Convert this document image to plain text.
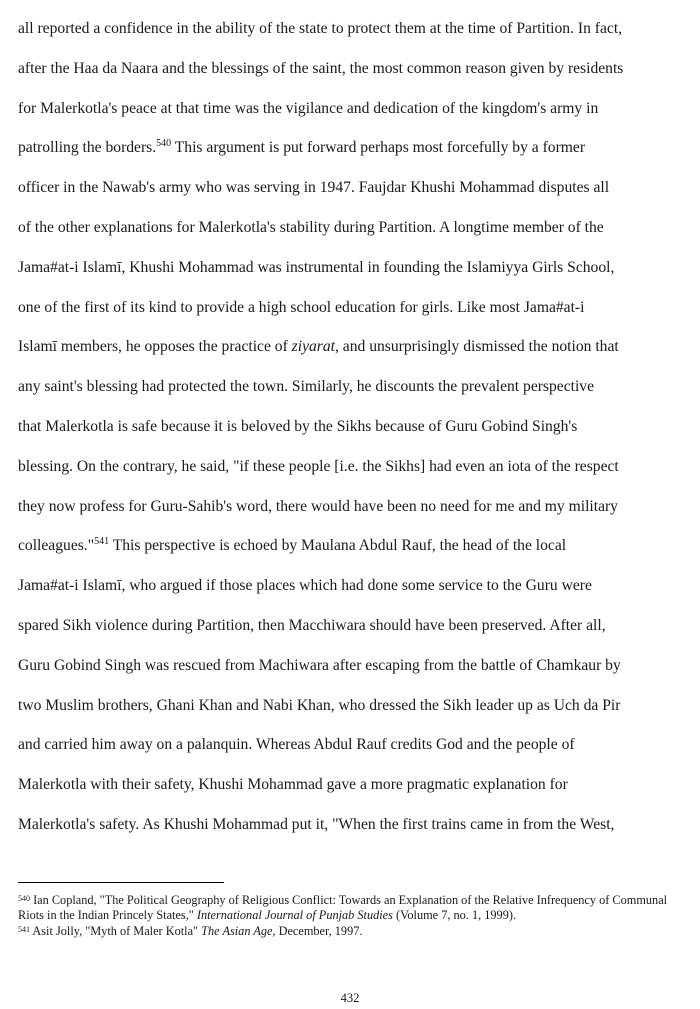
all reported a confidence in the ability of the state to protect them at the time of Partition. In fact,
after the Haa da Naara and the blessings of the saint, the most common reason given by residents
for Malerkotla's peace at that time was the vigilance and dedication of the kingdom's army in
patrolling the borders.$^{540}$ This argument is put forward perhaps most forcefully by a former
officer in the Nawab's army who was serving in 1947. Faujdar Khushi Mohammad disputes all
of the other explanations for Malerkotla's stability during Partition. A longtime member of the
Jama#at-i Islamī, Khushi Mohammad was instrumental in founding the Islamiyya Girls School,
one of the first of its kind to provide a high school education for girls. Like most Jama#at-i
Islamī members, he opposes the practice of ziyarat, and unsurprisingly dismissed the notion that
any saint's blessing had protected the town. Similarly, he discounts the prevalent perspective
that Malerkotla is safe because it is beloved by the Sikhs because of Guru Gobind Singh's
blessing. On the contrary, he said, "if these people [i.e. the Sikhs] had even an iota of the respect
they now profess for Guru-Sahib's word, there would have been no need for me and my military
colleagues."$^{541}$ This perspective is echoed by Maulana Abdul Rauf, the head of the local
Jama#at-i Islamī, who argued if those places which had done some service to the Guru were
spared Sikh violence during Partition, then Macchiwara should have been preserved. After all,
Guru Gobind Singh was rescued from Machiwara after escaping from the battle of Chamkaur by
two Muslim brothers, Ghani Khan and Nabi Khan, who dressed the Sikh leader up as Uch da Pir
and carried him away on a palanquin. Whereas Abdul Rauf credits God and the people of
Malerkotla with their safety, Khushi Mohammad gave a more pragmatic explanation for
Malerkotla's safety. As Khushi Mohammad put it, "When the first trains came in from the West,
$^{540}$ Ian Copland, "The Political Geography of Religious Conflict: Towards an Explanation of the Relative Infrequency of Communal Riots in the Indian Princely States," International Journal of Punjab Studies (Volume 7, no. 1, 1999).
$^{541}$ Asit Jolly, "Myth of Maler Kotla" The Asian Age, December, 1997.
432
